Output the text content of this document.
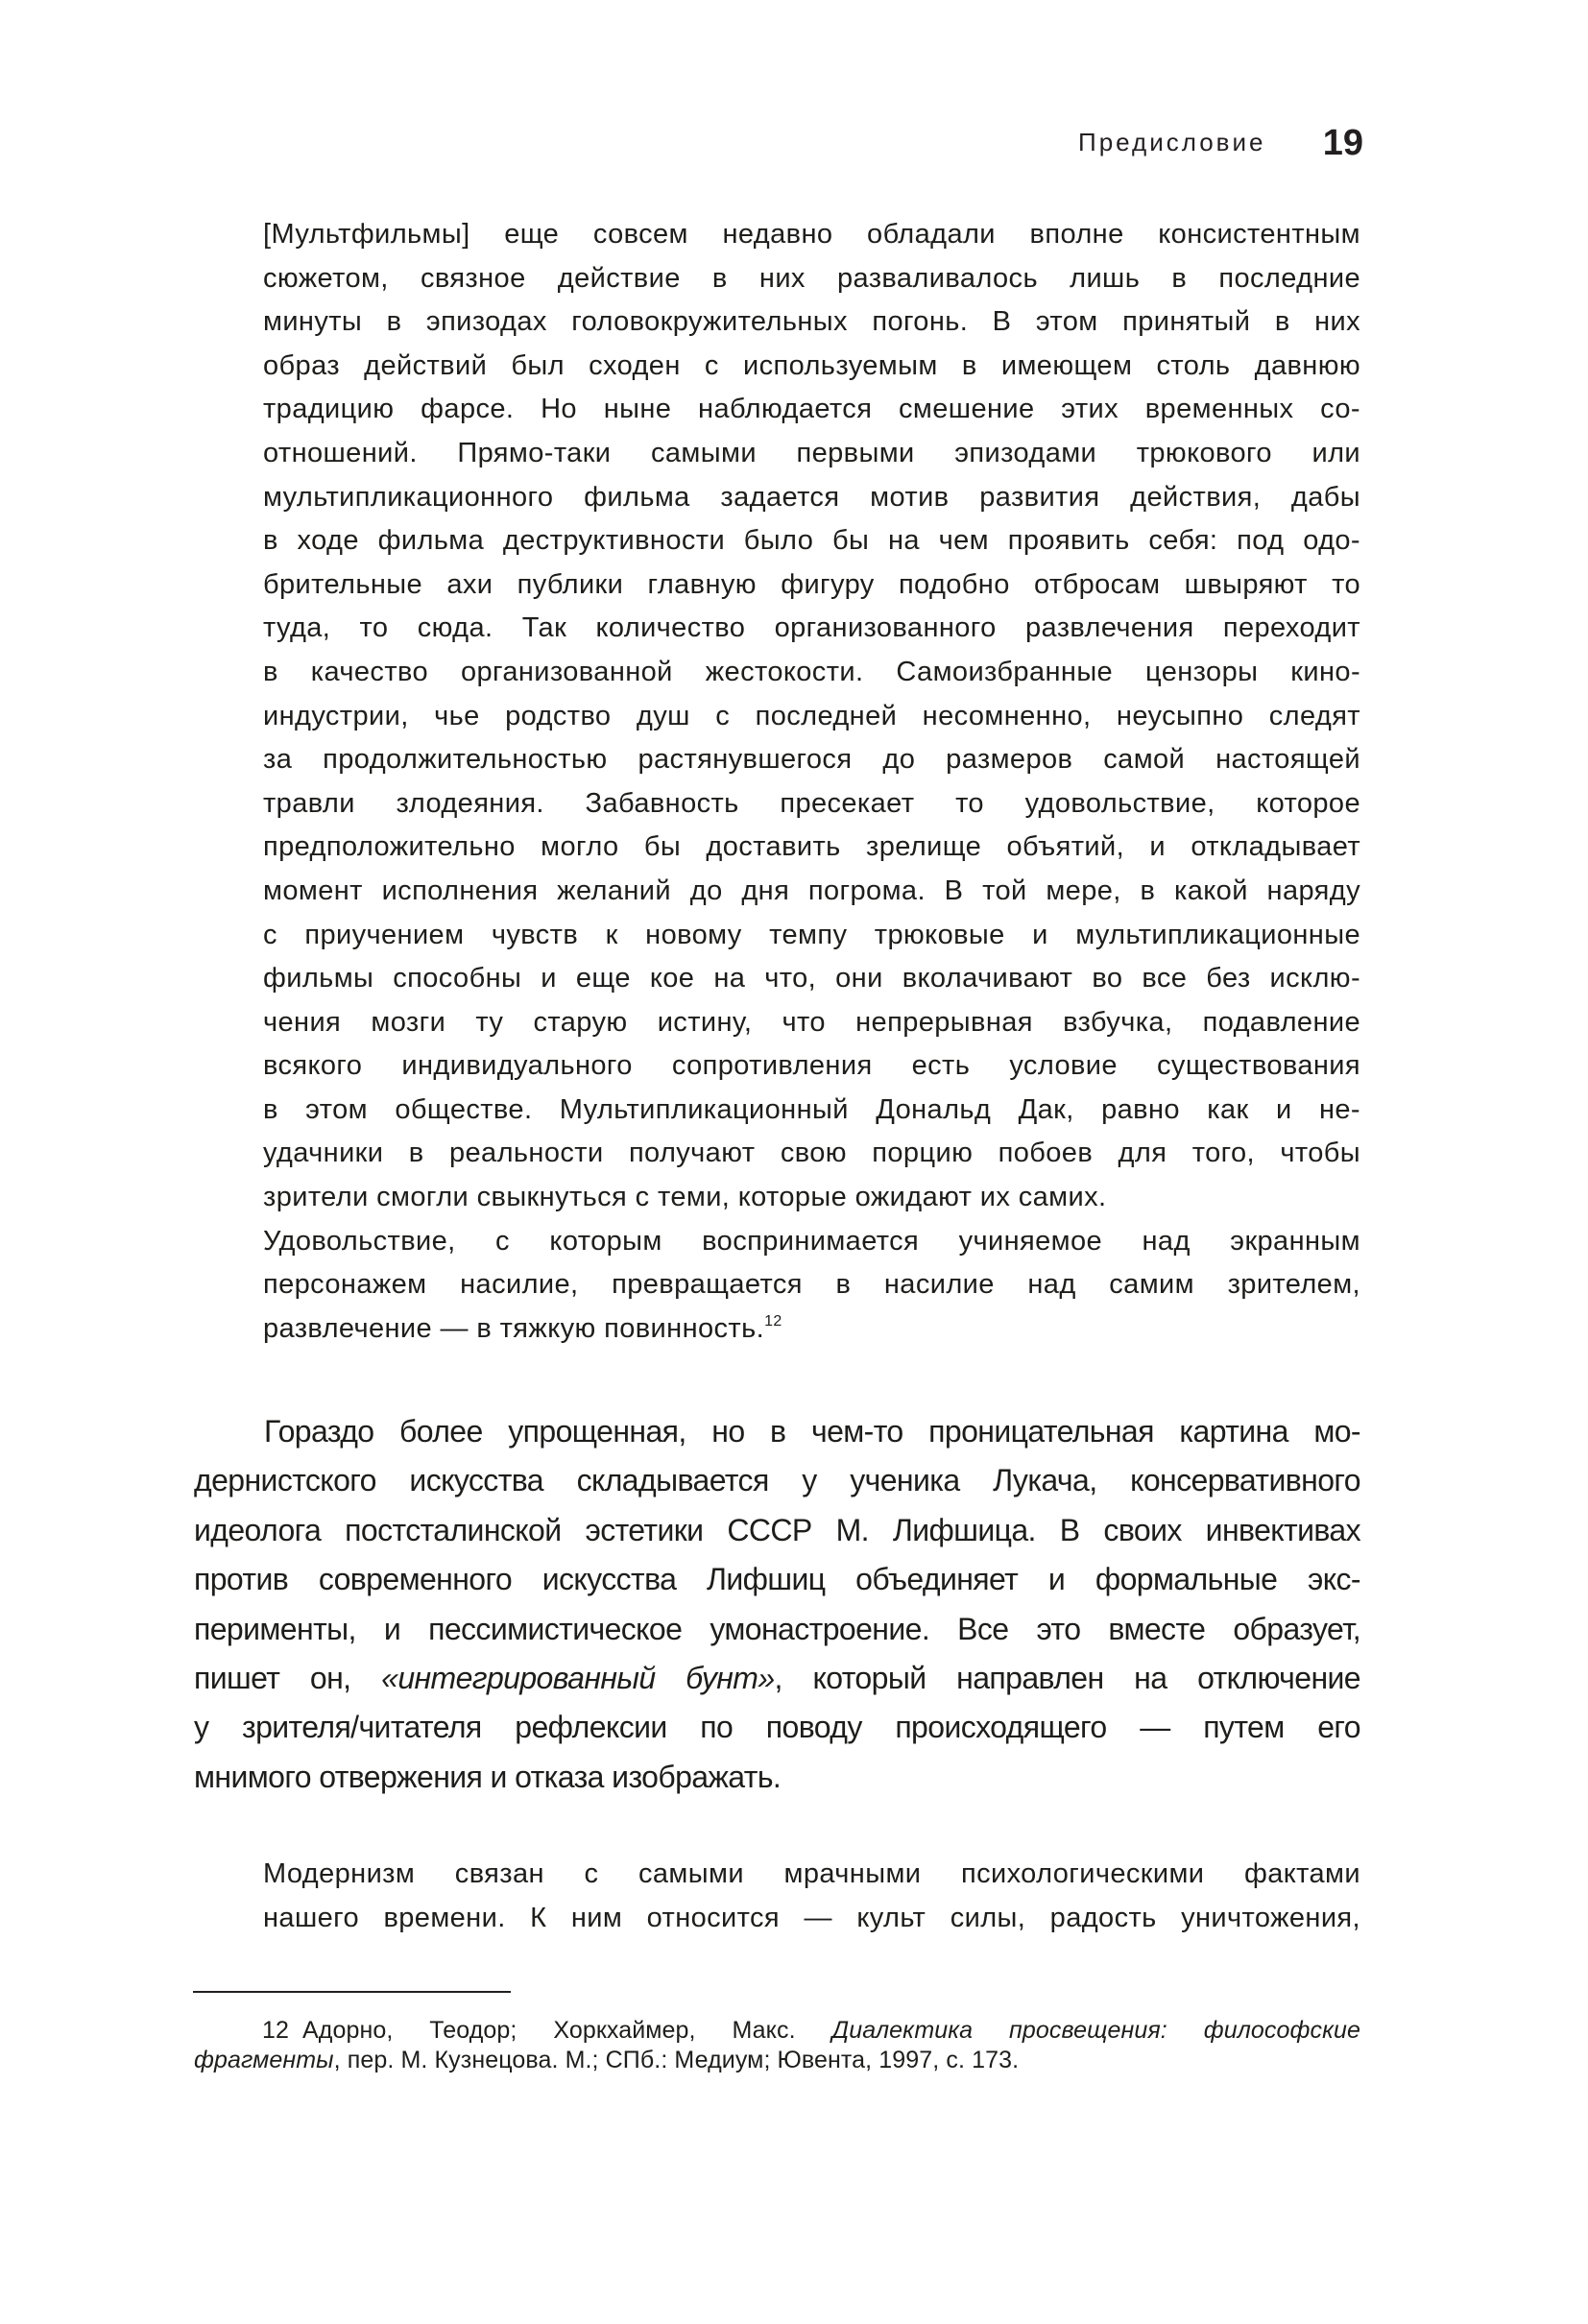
Предисловие 19
[Мультфильмы] еще совсем недавно обладали вполне консистентным
сюжетом, связное действие в них разваливалось лишь в последние
минуты в эпизодах головокружительных погонь. В этом принятый в них
образ действий был сходен с используемым в имеющем столь давнюю
традицию фарсе. Но ныне наблюдается смешение этих временных со-
отношений. Прямо-таки самыми первыми эпизодами трюкового или
мультипликационного фильма задается мотив развития действия, дабы
в ходе фильма деструктивности было бы на чем проявить себя: под одо-
брительные ахи публики главную фигуру подобно отбросам швыряют то
туда, то сюда. Так количество организованного развлечения переходит
в качество организованной жестокости. Самоизбранные цензоры кино-
индустрии, чье родство душ с последней несомненно, неусыпно следят
за продолжительностью растянувшегося до размеров самой настоящей
травли злодеяния. Забавность пресекает то удовольствие, которое
предположительно могло бы доставить зрелище объятий, и откладывает
момент исполнения желаний до дня погрома. В той мере, в какой наряду
с приучением чувств к новому темпу трюковые и мультипликационные
фильмы способны и еще кое на что, они вколачивают во все без исклю-
чения мозги ту старую истину, что непрерывная взбучка, подавление
всякого индивидуального сопротивления есть условие существования
в этом обществе. Мультипликационный Дональд Дак, равно как и не-
удачники в реальности получают свою порцию побоев для того, чтобы
зрители смогли свыкнуться с теми, которые ожидают их самих.
Удовольствие, с которым воспринимается учиняемое над экранным
персонажем насилие, превращается в насилие над самим зрителем,
развлечение — в тяжкую повинность.$^{12}$
Гораздо более упрощенная, но в чем-то проницательная картина мо-
дернистского искусства складывается у ученика Лукача, консервативного
идеолога постсталинской эстетики СССР М. Лифшица. В своих инвективах
против современного искусства Лифшиц объединяет и формальные экс-
перименты, и пессимистическое умонастроение. Все это вместе образует,
пишет он, «интегрированный бунт», который направлен на отключение
у зрителя/читателя рефлексии по поводу происходящего — путем его
мнимого отвержения и отказа изображать.
Модернизм связан с самыми мрачными психологическими фактами
нашего времени. К ним относится — культ силы, радость уничтожения,
12 Адорно, Теодор; Хоркхаймер, Макс. Диалектика просвещения: философские
фрагменты, пер. М. Кузнецова. М.; СПб.: Медиум; Ювента, 1997, с. 173.
